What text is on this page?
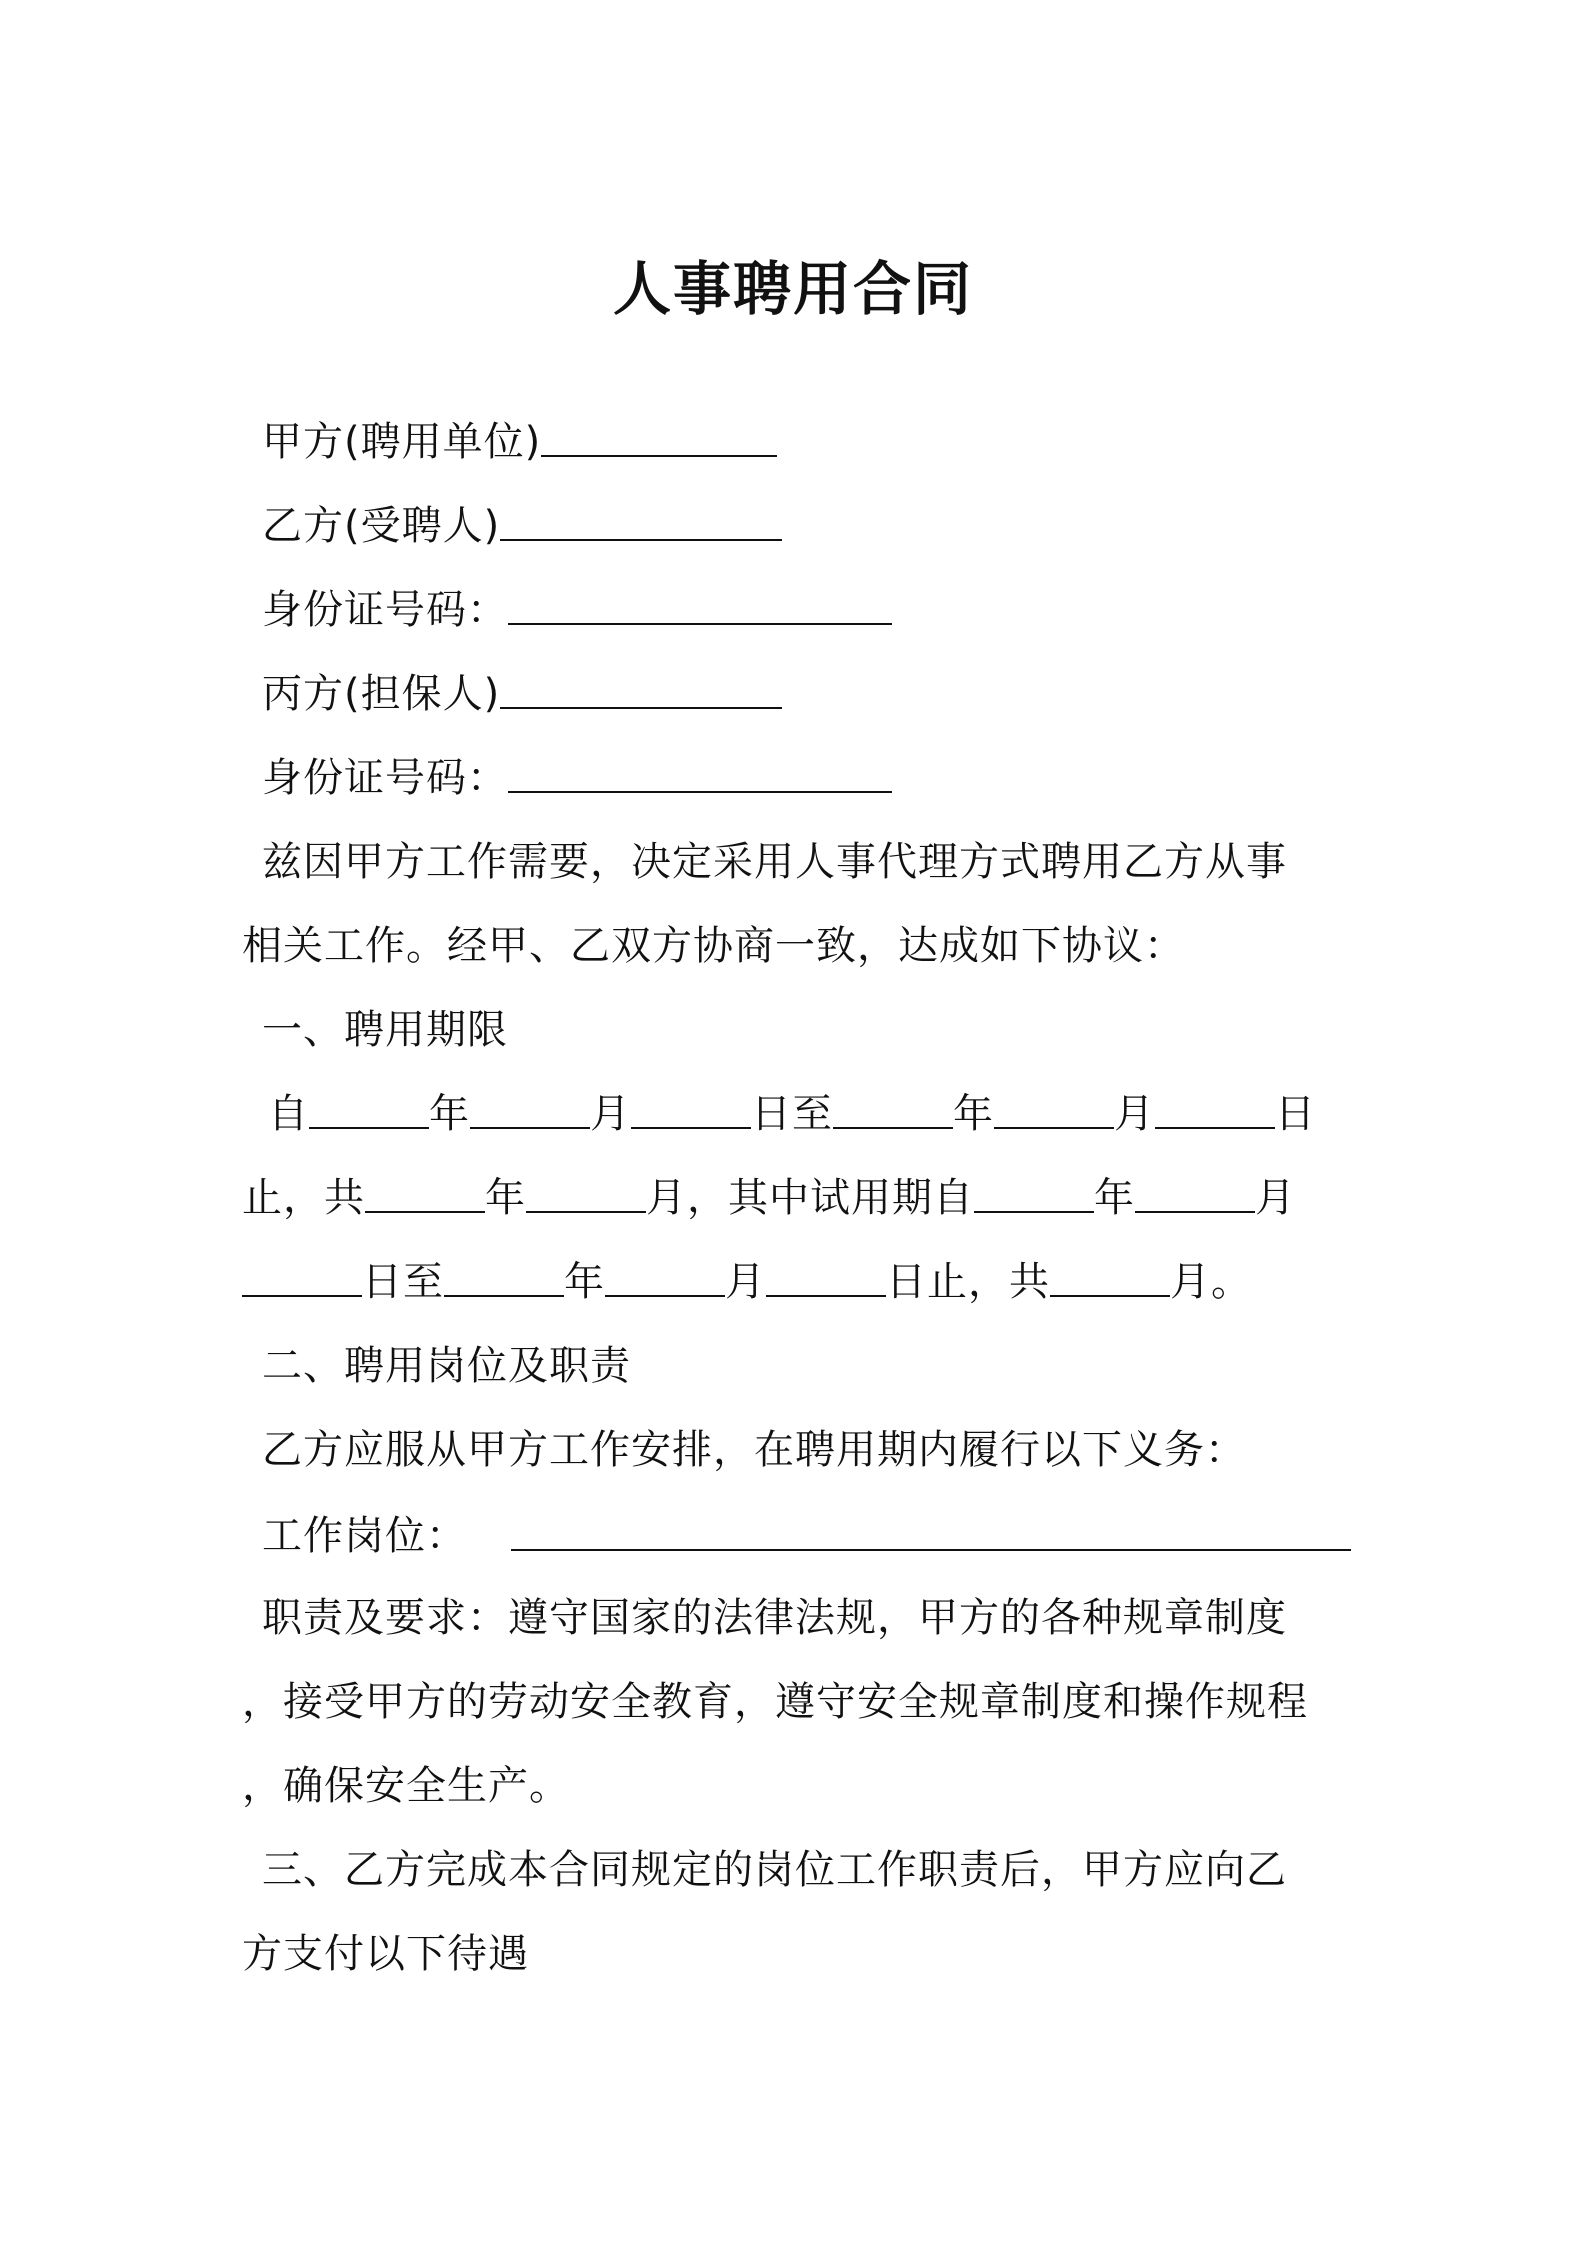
人事聘用合同
甲方(聘用单位)
乙方(受聘人)
身份证号码：
丙方(担保人)
身份证号码：
兹因甲方工作需要，决定采用人事代理方式聘用乙方从事
相关工作。经甲、乙双方协商一致，达成如下协议：
一、聘用期限
自	年	月	日至	年	月	日
止，共	年	月，其中试用期自	年	月
日至	年	月	日止，共	月。
二、聘用岗位及职责
乙方应服从甲方工作安排，在聘用期内履行以下义务：
工作岗位：
职责及要求：遵守国家的法律法规，甲方的各种规章制度
，接受甲方的劳动安全教育，遵守安全规章制度和操作规程
，确保安全生产。
三、乙方完成本合同规定的岗位工作职责后，甲方应向乙
方支付以下待遇
